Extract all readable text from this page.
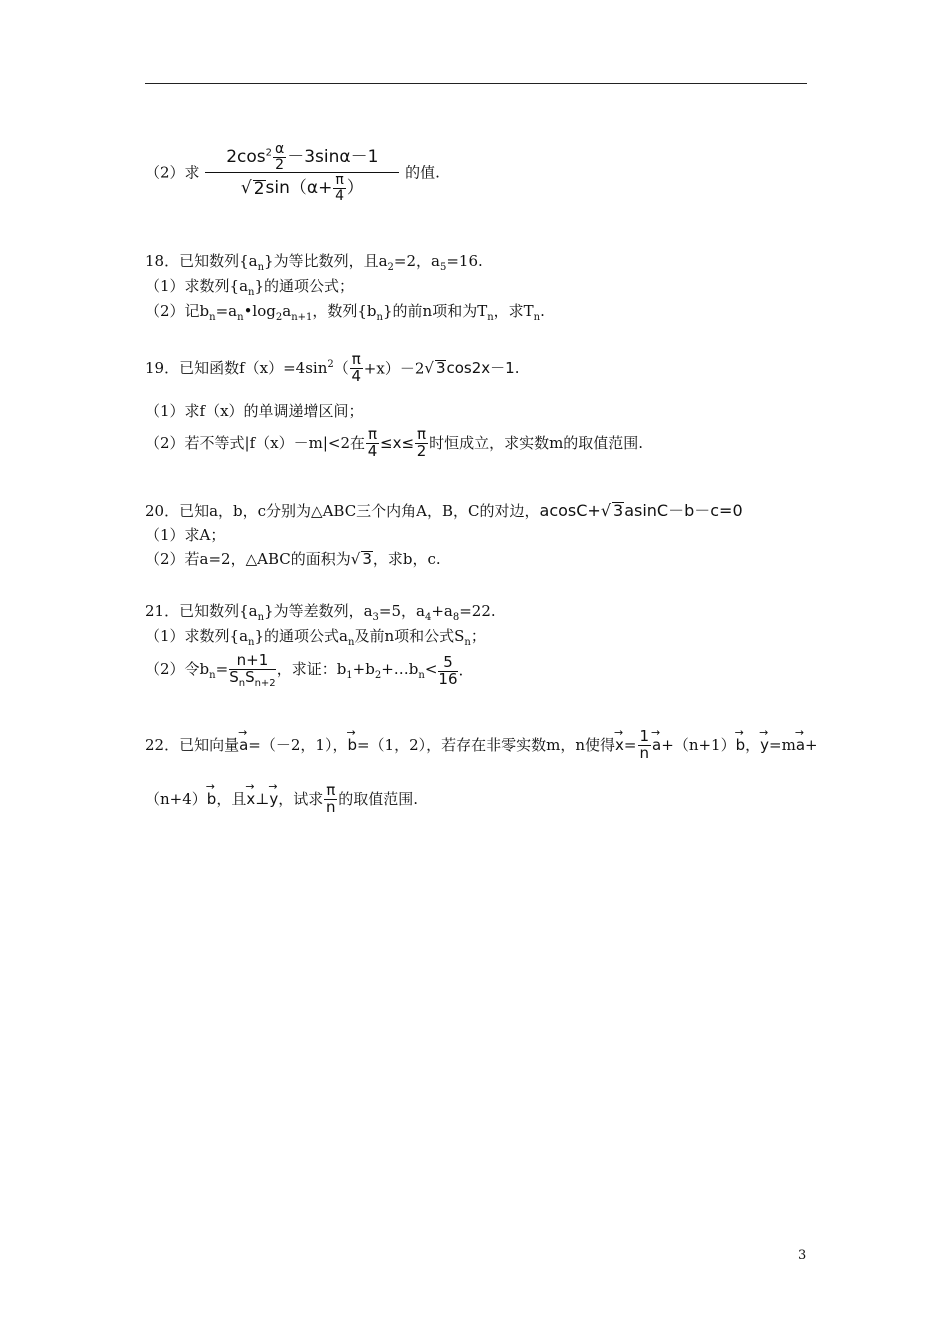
（2）求 $\frac{2\cos^2 \frac{\alpha}{2} -3\sin\alpha-1}{√ 2\sin(\alpha+ \frac{\pi}{4} )}$ 的值.
18．已知数列$\{a_n\}$为等比数列，且$a_2=2$，$a_5=16$.
（1）求数列$\{a_n\}$的通项公式；
（2）记$b_n=a_n•\log_2a_{n+1}$，数列$\{b_n\}$的前n项和为$T_n$，求$T_n$.
19．已知函数$f(x)=4\sin^2( \frac{\pi}{4} +x)-2√$ 3cos2x－1.
（1）求f（x）的单调递增区间；
（2）若不等式|f（x）－m|<2在 $\frac{\pi}{4} \le x\le \frac{\pi}{2}$ 时恒成立，求实数m的取值范围.
20．已知a，b，c分别为△ABC三个内角A，B，C的对边，acosC+√ 3asinC－b－c=0
（1）求A；
（2）若a=2，△ABC的面积为√ 3，求b，c.
21．已知数列$\{a_n\}$为等差数列，$a_3=5$，$a_4+a_8=22$.
（1）求数列$\{a_n\}$的通项公式$a_n$及前n项和公式$S_n$；
（2）令$b_n= \frac{n+1}{S_nS_{n+2}}$ ，求证：$b_1+b_2+\dots b_n< \frac{5}{16}$ .
22．已知向量→ a=（－2，1），→ b=（1，2），若存在非零实数m，n使得→ $x= \frac{1}{n}$
→ a+（n+1）→ b，→ y=m→ a+
（n+4）→ b，且→ x⊥→ y，试求 $\frac{\pi}{n}$ 的取值范围.
3
